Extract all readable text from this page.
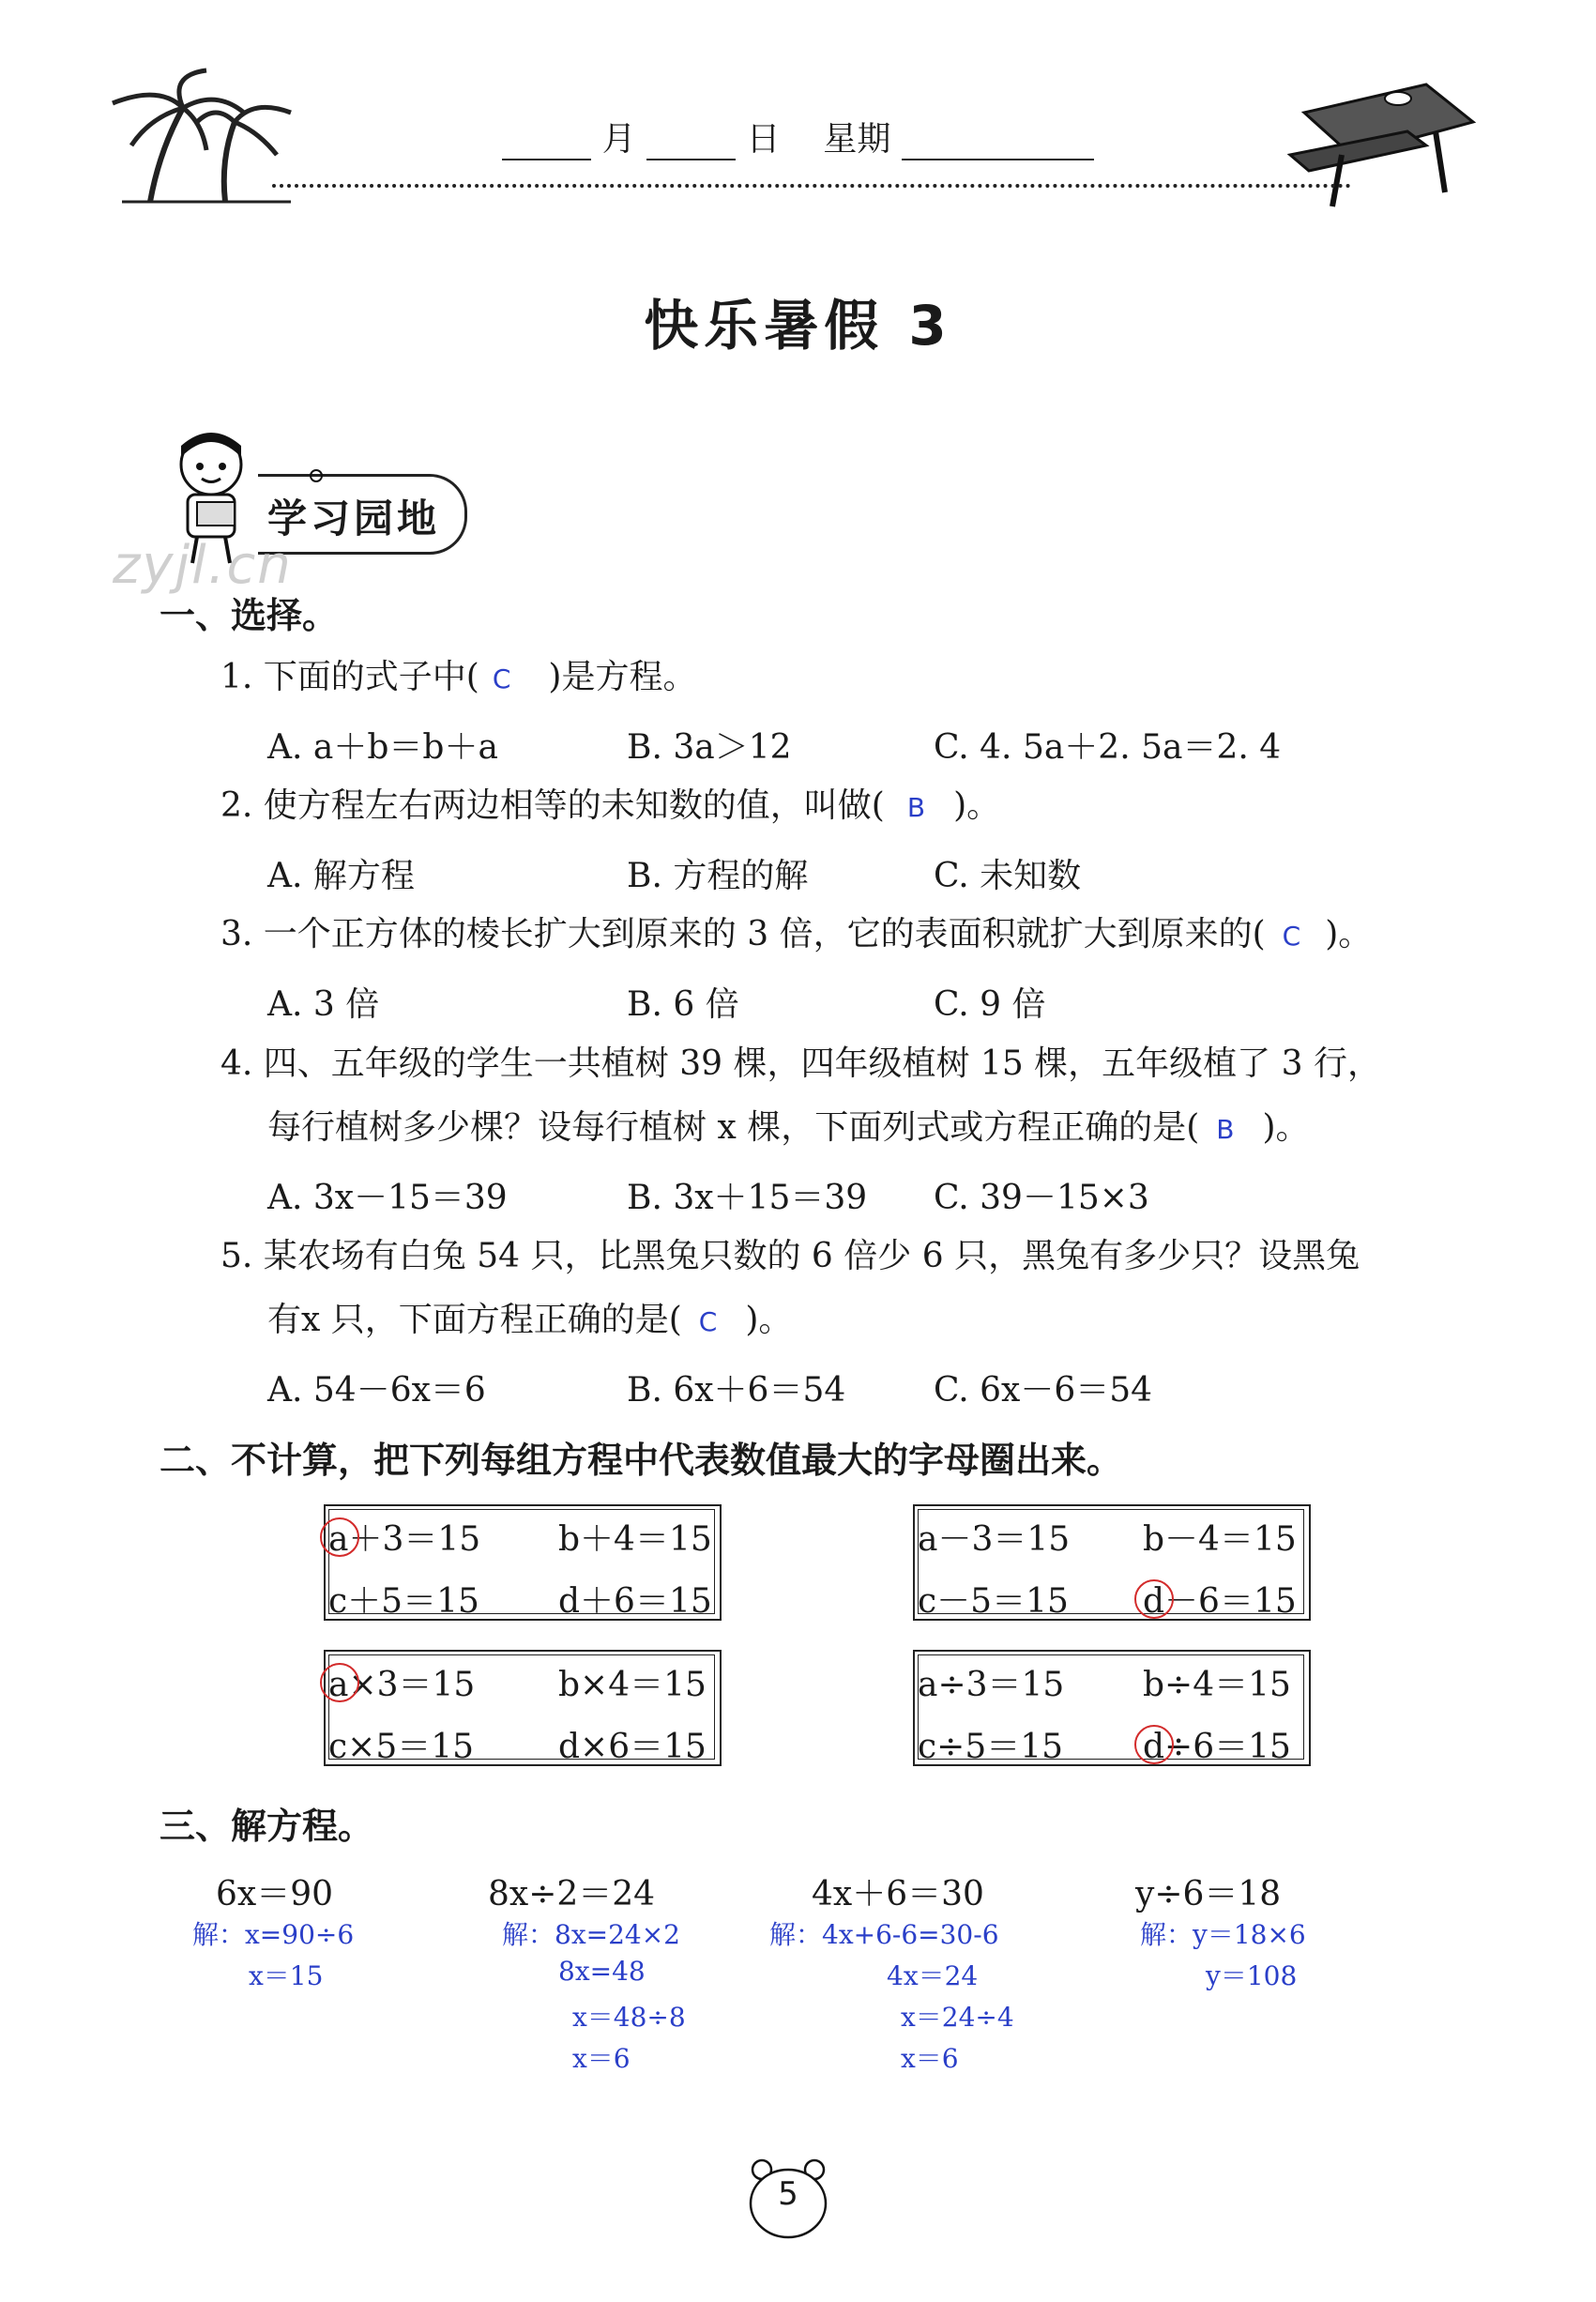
月	日 星期
快乐暑假 3
学习园地
zyjl.cn
一、选择。
1. 下面的式子中( C )是方程。
A. a＋b＝b＋a	B. 3a＞12	C. 4. 5a＋2. 5a＝2. 4
2. 使方程左右两边相等的未知数的值，叫做( B )。
A. 解方程	B. 方程的解	C. 未知数
3. 一个正方体的棱长扩大到原来的 3 倍，它的表面积就扩大到原来的( C )。
A. 3 倍	B. 6 倍	C. 9 倍
4. 四、五年级的学生一共植树 39 棵，四年级植树 15 棵，五年级植了 3 行，
每行植树多少棵？设每行植树 x 棵，下面列式或方程正确的是( B )。
A. 3x－15＝39	B. 3x＋15＝39 C. 39－15×3
5. 某农场有白兔 54 只，比黑兔只数的 6 倍少 6 只，黑兔有多少只？设黑兔
有x 只，下面方程正确的是( C )。
A. 54－6x＝6	B. 6x＋6＝54	C. 6x－6＝54
二、不计算，把下列每组方程中代表数值最大的字母圈出来。
a＋3＝15 b＋4＝15
c＋5＝15 d＋6＝15
a－3＝15 b－4＝15
c－5＝15 d－6＝15
a×3＝15 b×4＝15
c×5＝15 d×6＝15
a÷3＝15 b÷4＝15
c÷5＝15 d÷6＝15
三、解方程。
6x＝90
解：x=90÷6
x＝15
8x÷2＝24
解：8x=24×2
8x=48
x＝48÷8
x＝6
4x＋6＝30
解：4x+6-6=30-6
4x＝24
x＝24÷4
x＝6
y÷6＝18
解：y＝18×6
y＝108
5
